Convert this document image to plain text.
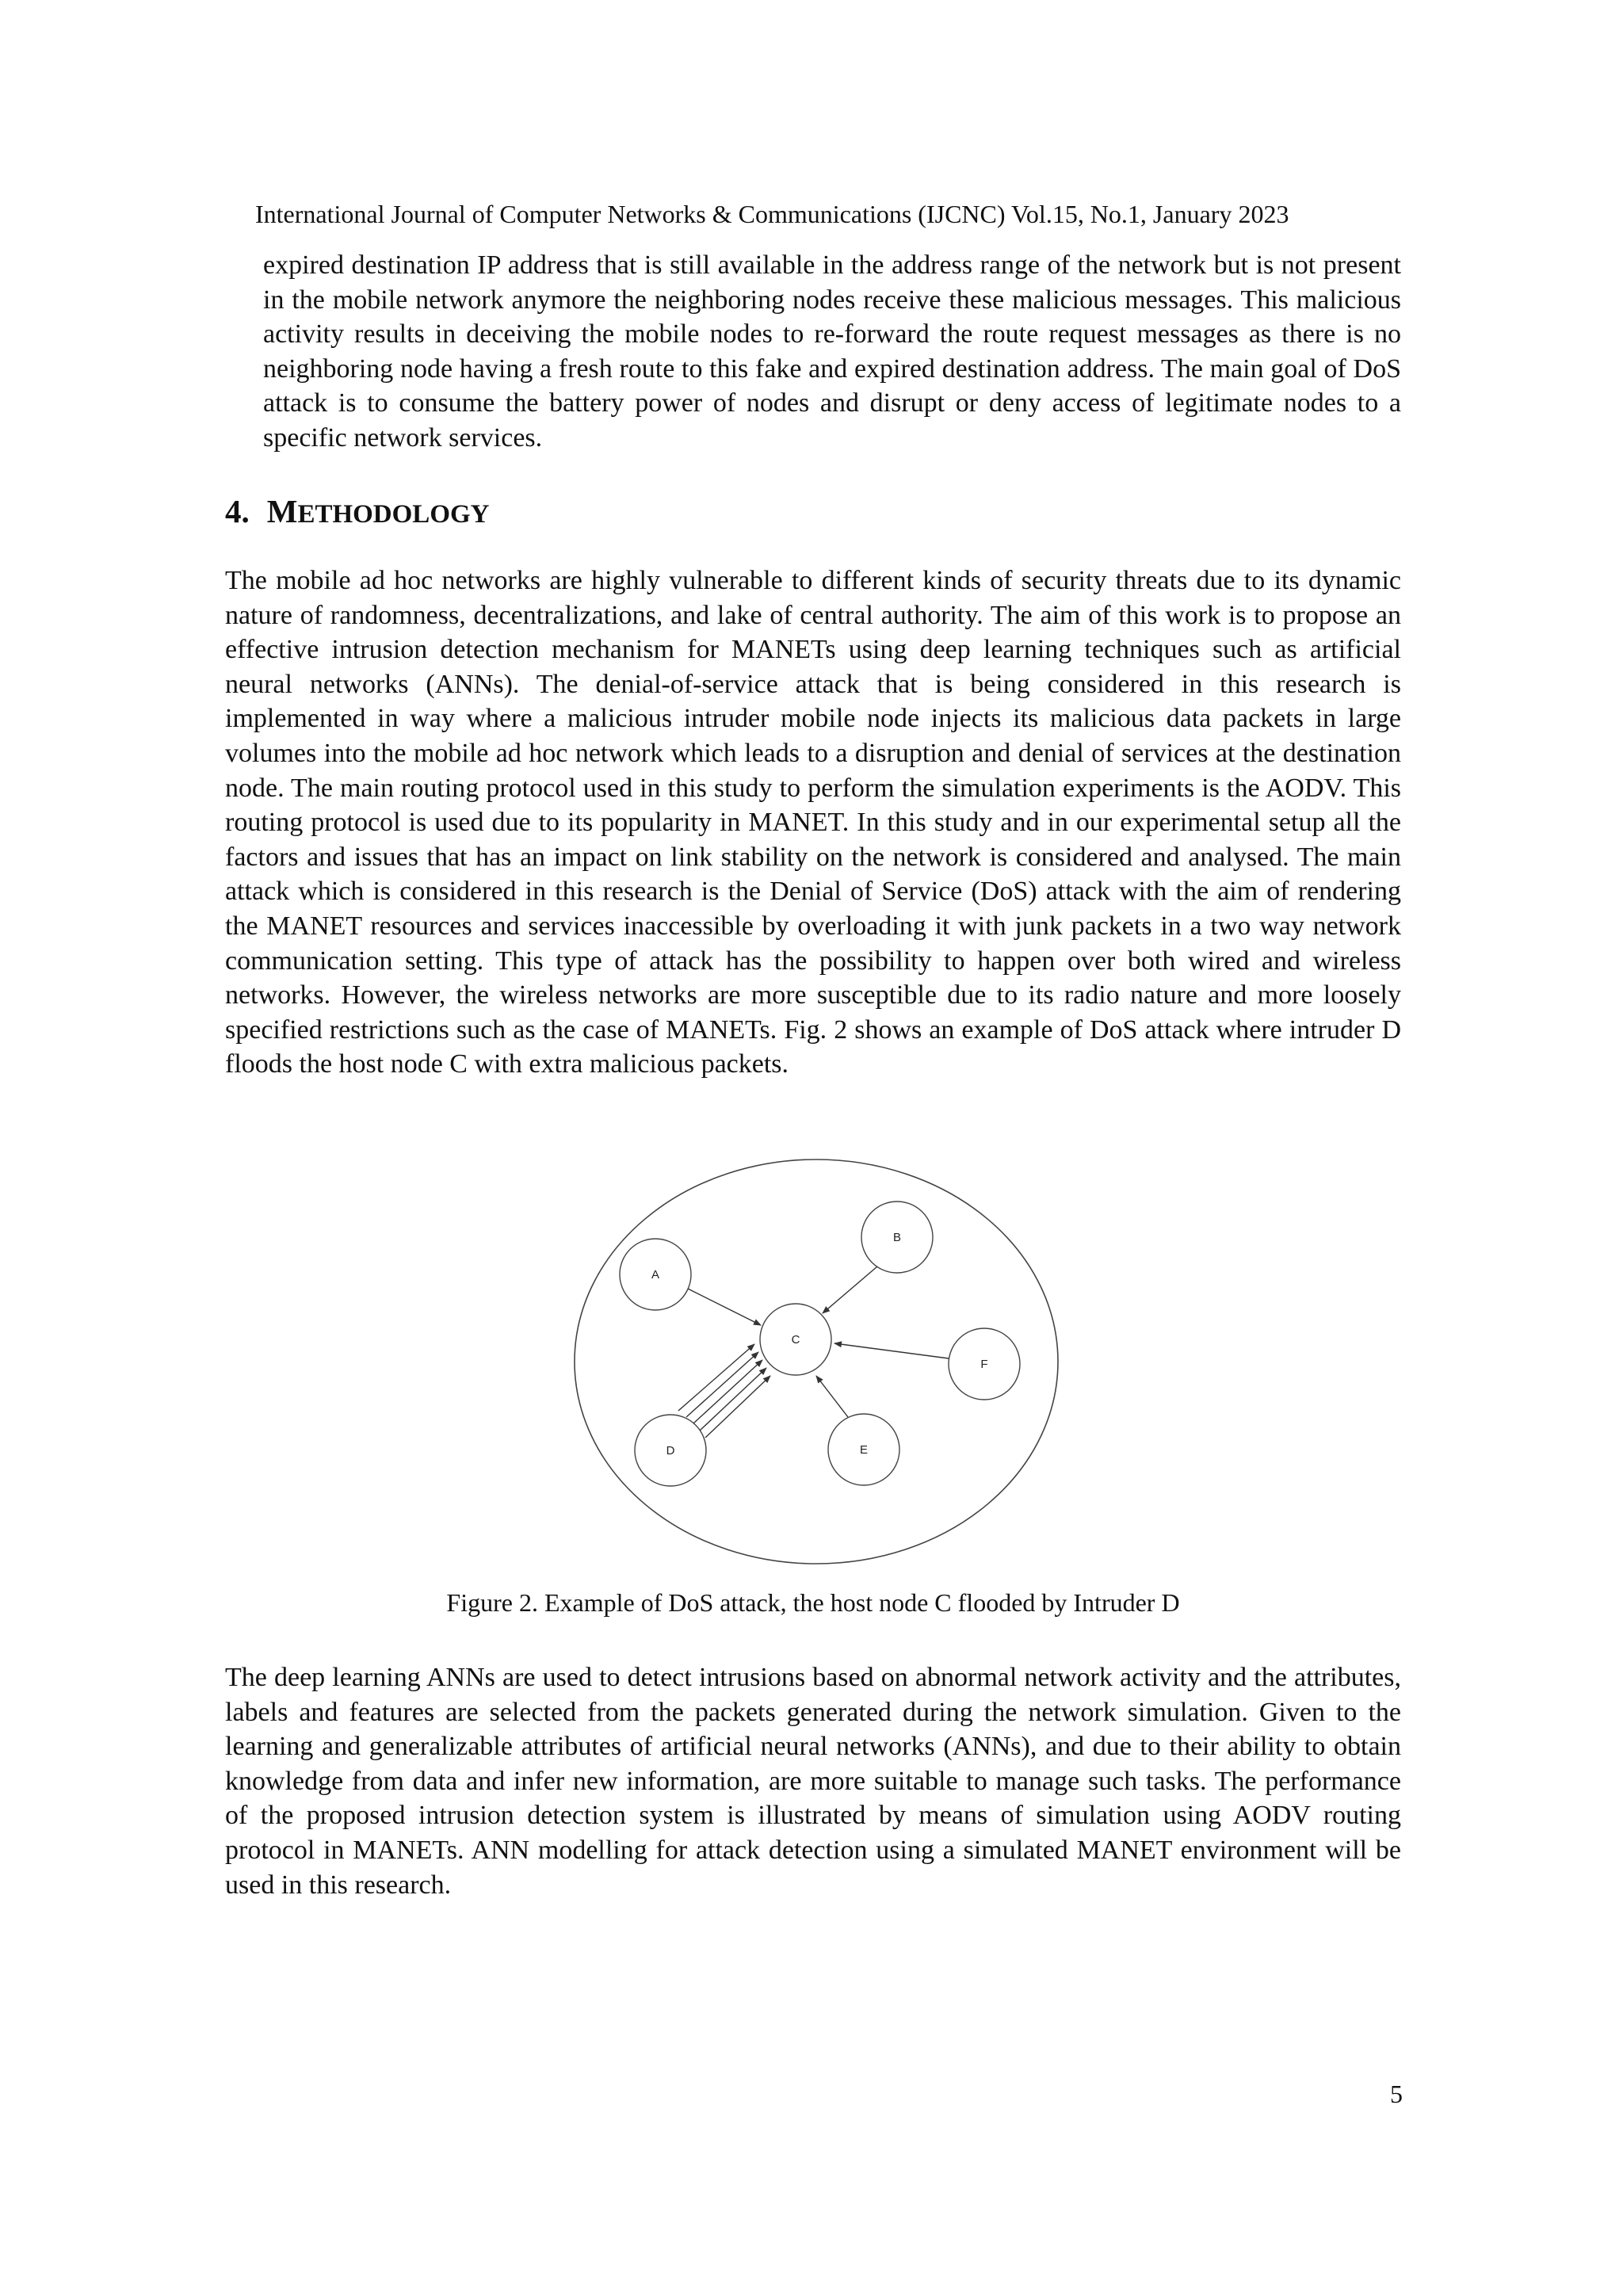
International Journal of Computer Networks & Communications (IJCNC) Vol.15, No.1, January 2023

expired destination IP address that is still available in the address range of the network but is not present in the mobile network anymore the neighboring nodes receive these malicious messages. This malicious activity results in deceiving the mobile nodes to re-forward the route request messages as there is no neighboring node having a fresh route to this fake and expired destination address. The main goal of DoS attack is to consume the battery power of nodes and disrupt or deny access of legitimate nodes to a specific network services.

4. METHODOLOGY

The mobile ad hoc networks are highly vulnerable to different kinds of security threats due to its dynamic nature of randomness, decentralizations, and lake of central authority. The aim of this work is to propose an effective intrusion detection mechanism for MANETs using deep learning techniques such as artificial neural networks (ANNs). The denial-of-service attack that is being considered in this research is implemented in way where a malicious intruder mobile node injects its malicious data packets in large volumes into the mobile ad hoc network which leads to a disruption and denial of services at the destination node. The main routing protocol used in this study to perform the simulation experiments is the AODV. This routing protocol is used due to its popularity in MANET. In this study and in our experimental setup all the factors and issues that has an impact on link stability on the network is considered and analysed. The main attack which is considered in this research is the Denial of Service (DoS) attack with the aim of rendering the MANET resources and services inaccessible by overloading it with junk packets in a two way network communication setting. This type of attack has the possibility to happen over both wired and wireless networks. However, the wireless networks are more susceptible due to its radio nature and more loosely specified restrictions such as the case of MANETs. Fig. 2 shows an example of DoS attack where intruder D floods the host node C with extra malicious packets.

A
B
C
D	E
F

Figure 2. Example of DoS attack, the host node C flooded by Intruder D

The deep learning ANNs are used to detect intrusions based on abnormal network activity and the attributes, labels and features are selected from the packets generated during the network simulation. Given to the learning and generalizable attributes of artificial neural networks (ANNs), and due to their ability to obtain knowledge from data and infer new information, are more suitable to manage such tasks. The performance of the proposed intrusion detection system is illustrated by means of simulation using AODV routing protocol in MANETs. ANN modelling for attack detection using a simulated MANET environment will be used in this research.

5
